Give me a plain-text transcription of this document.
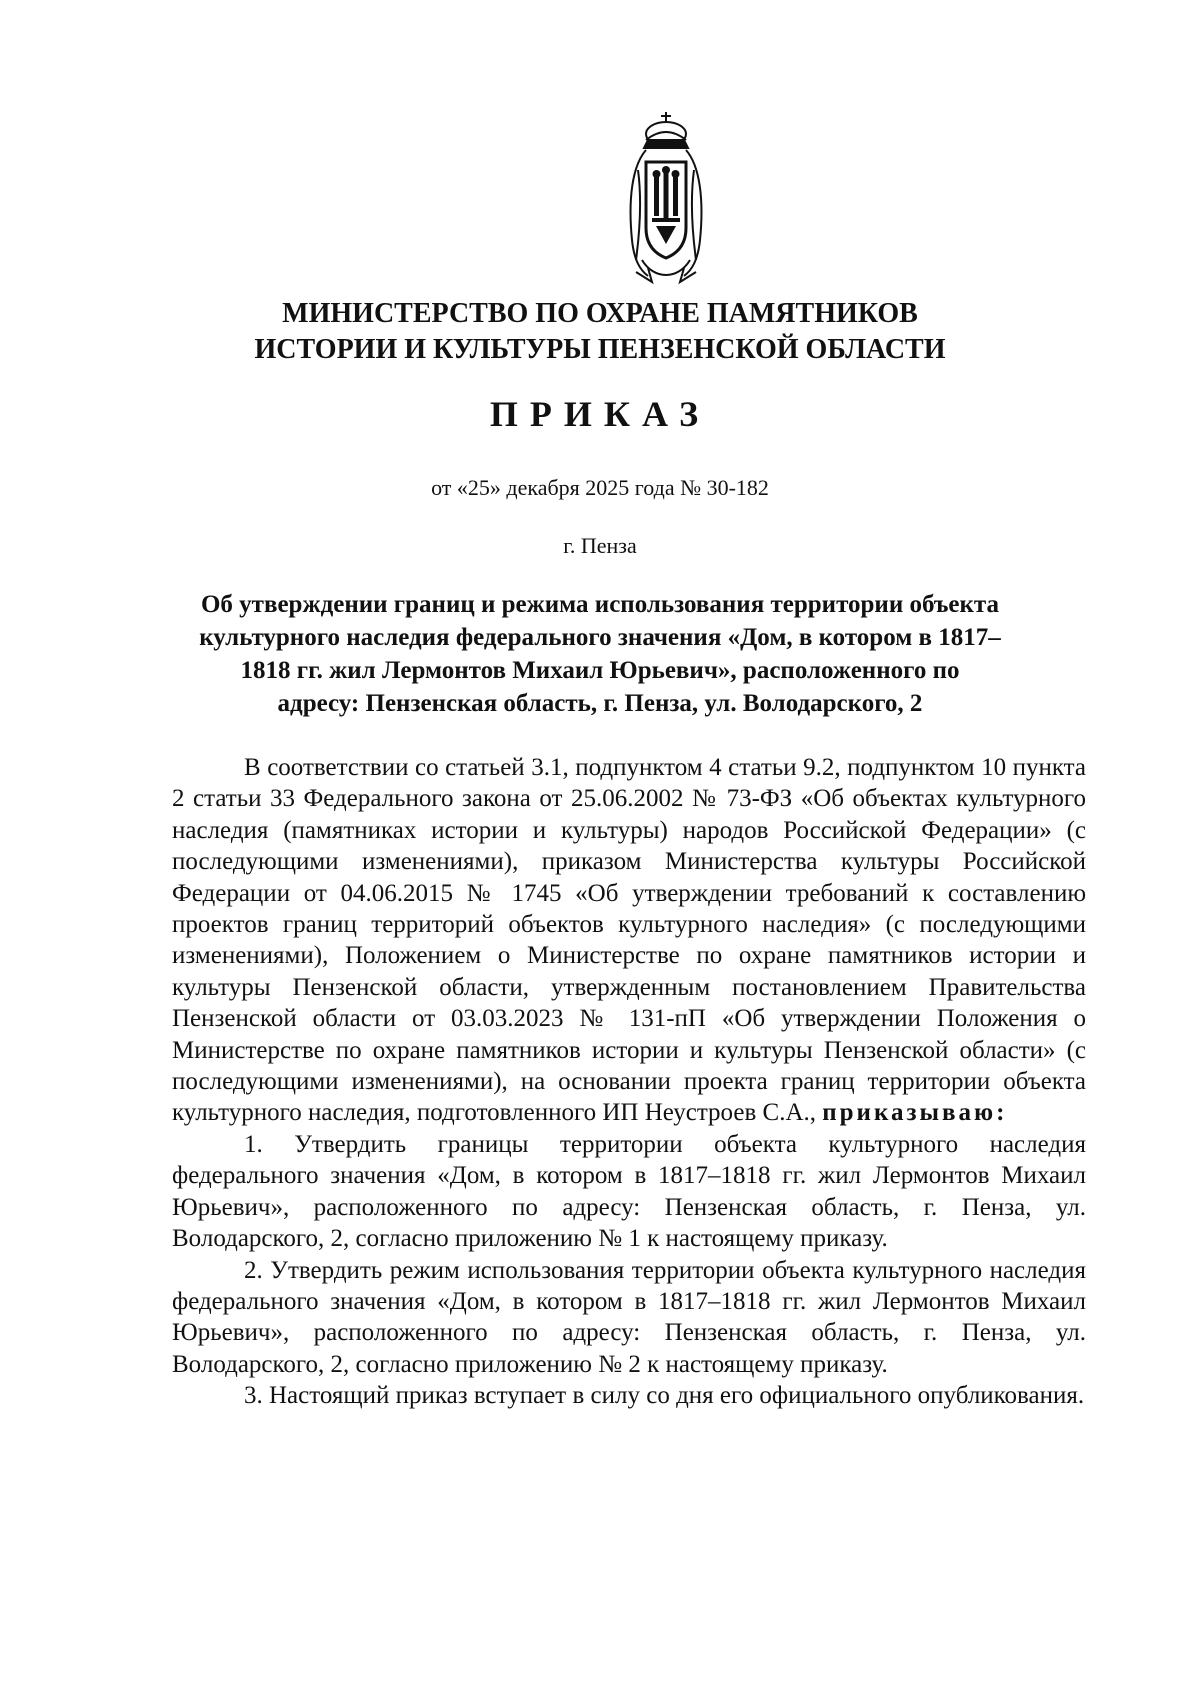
МИНИСТЕРСТВО ПО ОХРАНЕ ПАМЯТНИКОВ
ИСТОРИИ И КУЛЬТУРЫ ПЕНЗЕНСКОЙ ОБЛАСТИ
ПРИКАЗ
от «25» декабря 2025 года № 30-182
г. Пенза
Об утверждении границ и режима использования территории объекта
культурного наследия федерального значения «Дом, в котором в 1817–
1818 гг. жил Лермонтов Михаил Юрьевич», расположенного по
адресу: Пензенская область, г. Пенза, ул. Володарского, 2

В соответствии со статьей 3.1, подпунктом 4 статьи 9.2, подпунктом 10 пункта 2 статьи 33 Федерального закона от 25.06.2002 № 73-ФЗ «Об объектах культурного наследия (памятниках истории и культуры) народов Российской Федерации» (с последующими изменениями), приказом Министерства культуры Российской Федерации от 04.06.2015 № 1745 «Об утверждении требований к составлению проектов границ территорий объектов культурного наследия» (с последующими изменениями), Положением о Министерстве по охране памятников истории и культуры Пензенской области, утвержденным постановлением Правительства Пензенской области от 03.03.2023 № 131-пП «Об утверждении Положения о Министерстве по охране памятников истории и культуры Пензенской области» (с последующими изменениями), на основании проекта границ территории объекта культурного наследия, подготовленного ИП Неустроев С.А., приказываю:

1. Утвердить границы территории объекта культурного наследия федерального значения «Дом, в котором в 1817–1818 гг. жил Лермонтов Михаил Юрьевич», расположенного по адресу: Пензенская область, г. Пенза, ул. Володарского, 2, согласно приложению № 1 к настоящему приказу.

2. Утвердить режим использования территории объекта культурного наследия федерального значения «Дом, в котором в 1817–1818 гг. жил Лермонтов Михаил Юрьевич», расположенного по адресу: Пензенская область, г. Пенза, ул. Володарского, 2, согласно приложению № 2 к настоящему приказу.

3. Настоящий приказ вступает в силу со дня его официального опубликования.
